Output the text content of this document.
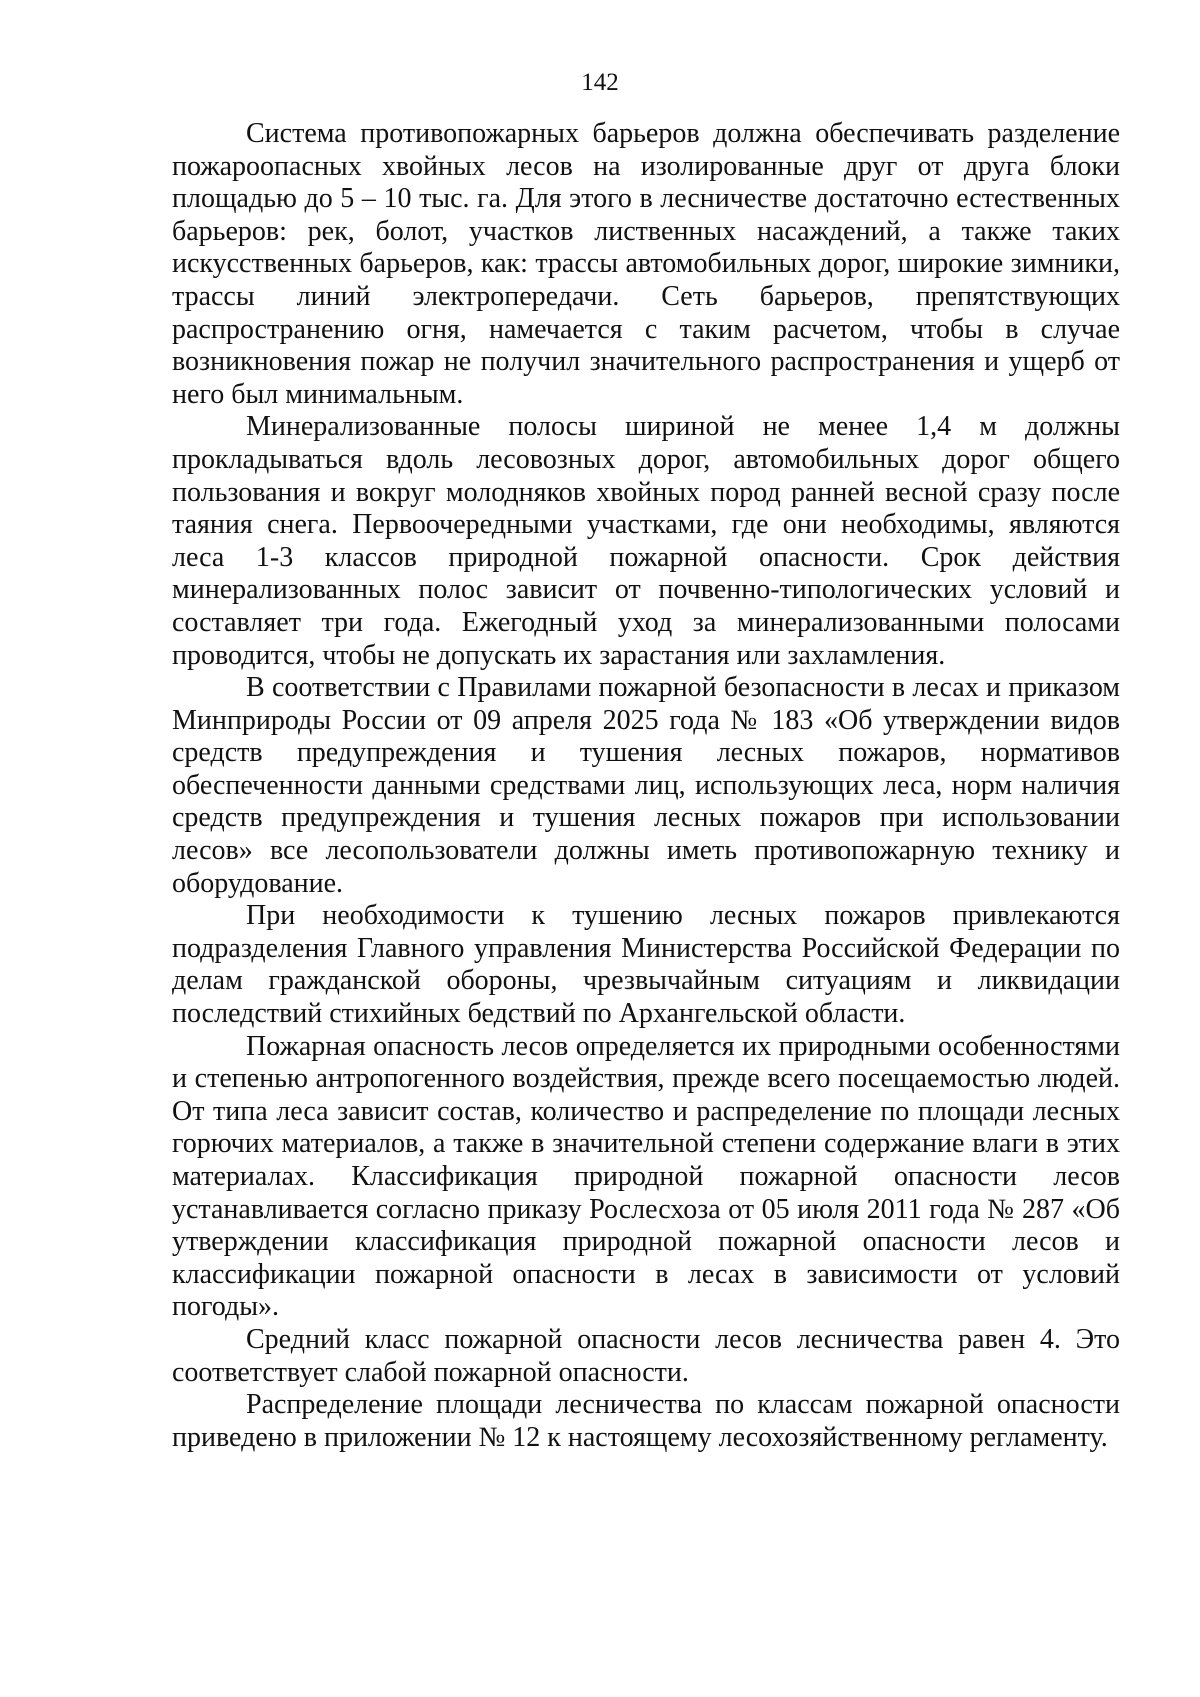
142

Система противопожарных барьеров должна обеспечивать разделение пожароопасных хвойных лесов на изолированные друг от друга блоки площадью до 5 – 10 тыс. га. Для этого в лесничестве достаточно естественных барьеров: рек, болот, участков лиственных насаждений, а также таких искусственных барьеров, как: трассы автомобильных дорог, широкие зимники, трассы линий электропередачи. Сеть барьеров, препятствующих распространению огня, намечается с таким расчетом, чтобы в случае возникновения пожар не получил значительного распространения и ущерб от него был минимальным.

Минерализованные полосы шириной не менее 1,4 м должны прокладываться вдоль лесовозных дорог, автомобильных дорог общего пользования и вокруг молодняков хвойных пород ранней весной сразу после таяния снега. Первоочередными участками, где они необходимы, являются леса 1-3 классов природной пожарной опасности. Срок действия минерализованных полос зависит от почвенно-типологических условий и составляет три года. Ежегодный уход за минерализованными полосами проводится, чтобы не допускать их зарастания или захламления.

В соответствии с Правилами пожарной безопасности в лесах и приказом Минприроды России от 09 апреля 2025 года № 183 «Об утверждении видов средств предупреждения и тушения лесных пожаров, нормативов обеспеченности данными средствами лиц, использующих леса, норм наличия средств предупреждения и тушения лесных пожаров при использовании лесов» все лесопользователи должны иметь противопожарную технику и оборудование.

При необходимости к тушению лесных пожаров привлекаются подразделения Главного управления Министерства Российской Федерации по делам гражданской обороны, чрезвычайным ситуациям и ликвидации последствий стихийных бедствий по Архангельской области.

Пожарная опасность лесов определяется их природными особенностями и степенью антропогенного воздействия, прежде всего посещаемостью людей. От типа леса зависит состав, количество и распределение по площади лесных горючих материалов, а также в значительной степени содержание влаги в этих материалах. Классификация природной пожарной опасности лесов устанавливается согласно приказу Рослесхоза от 05 июля 2011 года № 287 «Об утверждении классификация природной пожарной опасности лесов и классификации пожарной опасности в лесах в зависимости от условий погоды».

Средний класс пожарной опасности лесов лесничества равен 4. Это соответствует слабой пожарной опасности.

Распределение площади лесничества по классам пожарной опасности приведено в приложении № 12 к настоящему лесохозяйственному регламенту.
